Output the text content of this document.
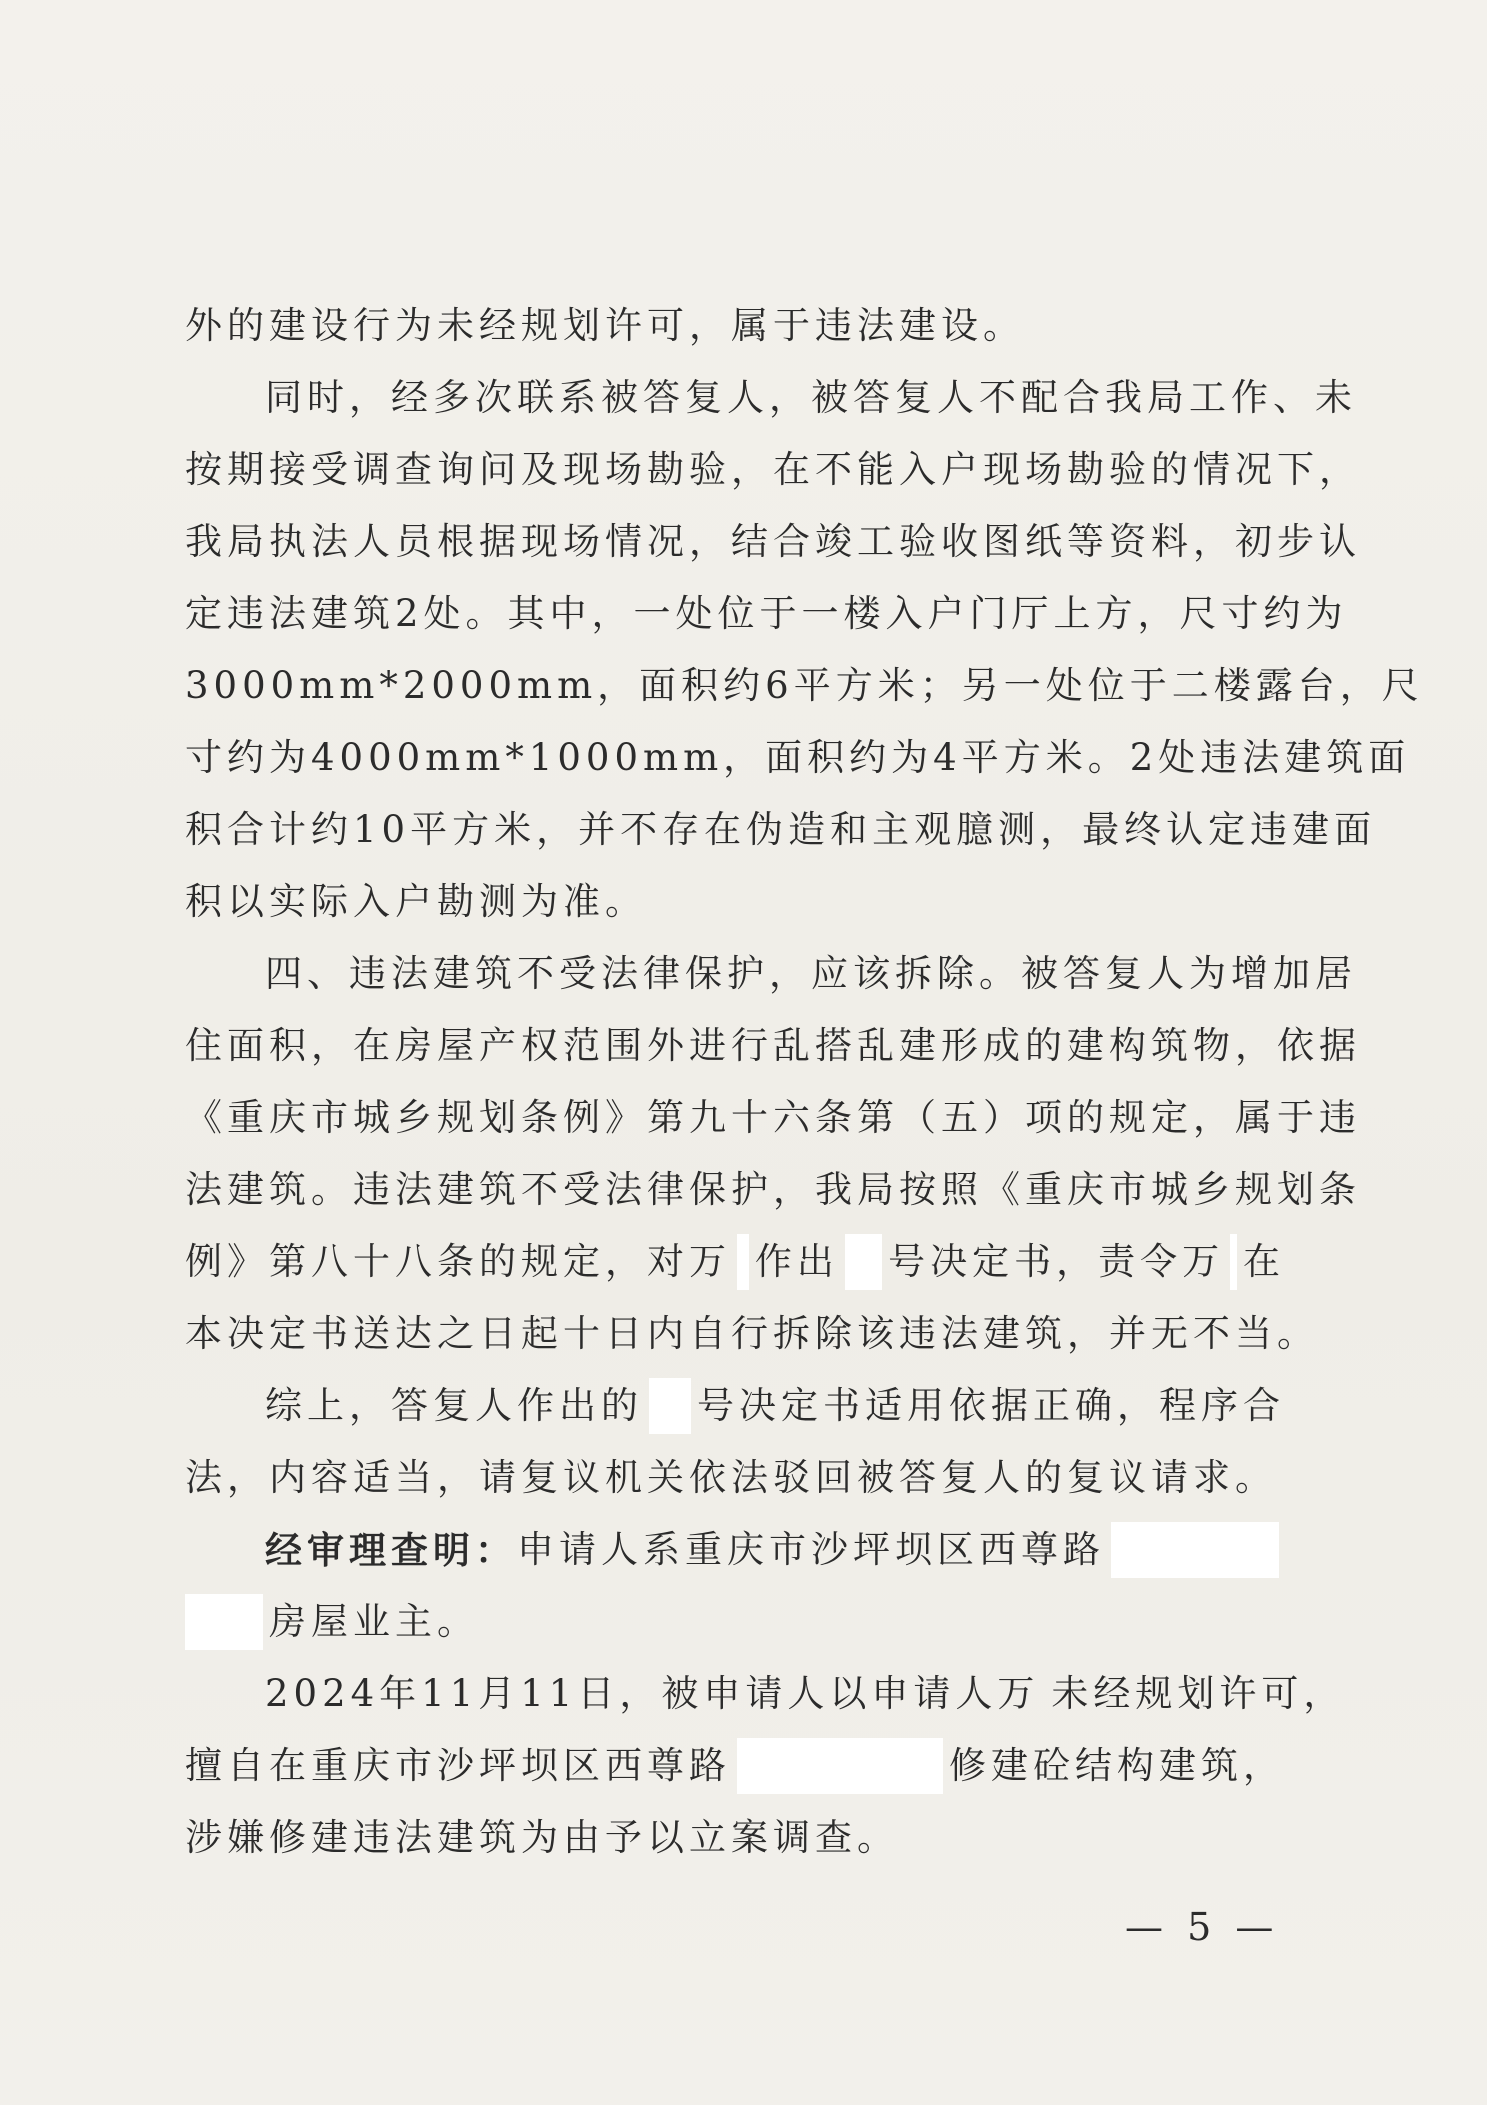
外的建设行为未经规划许可，属于违法建设。
同时，经多次联系被答复人，被答复人不配合我局工作、未
按期接受调查询问及现场勘验，在不能入户现场勘验的情况下，
我局执法人员根据现场情况，结合竣工验收图纸等资料，初步认
定违法建筑2处。其中，一处位于一楼入户门厅上方，尺寸约为
3000mm*2000mm，面积约6平方米；另一处位于二楼露台，尺
寸约为4000mm*1000mm，面积约为4平方米。2处违法建筑面
积合计约10平方米，并不存在伪造和主观臆测，最终认定违建面
积以实际入户勘测为准。
四、违法建筑不受法律保护，应该拆除。被答复人为增加居
住面积，在房屋产权范围外进行乱搭乱建形成的建构筑物，依据
《重庆市城乡规划条例》第九十六条第（五）项的规定，属于违
法建筑。违法建筑不受法律保护，我局按照《重庆市城乡规划条
例》第八十八条的规定，对万 作出 号决定书，责令万 在
本决定书送达之日起十日内自行拆除该违法建筑，并无不当。
综上，答复人作出的 号决定书适用依据正确，程序合
法，内容适当，请复议机关依法驳回被答复人的复议请求。
经审理查明： 申请人系重庆市沙坪坝区西尊路
房屋业主。
2024年11月11日，被申请人以申请人万 未经规划许可，
擅自在重庆市沙坪坝区西尊路	修建砼结构建筑，
涉嫌修建违法建筑为由予以立案调查。
— 5 —
